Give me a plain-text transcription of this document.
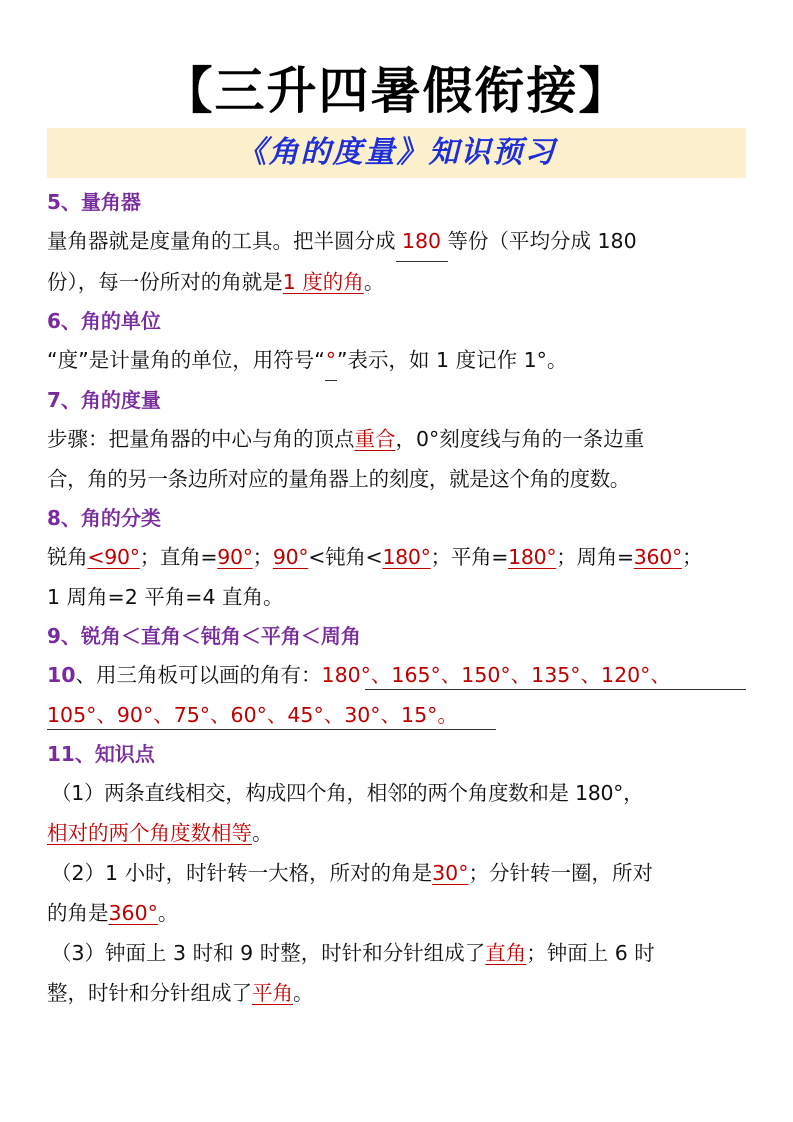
【三升四暑假衔接】
《角的度量》知识预习
5、量角器
量角器就是度量角的工具。把半圆分成 180 等份（平均分成 180
份），每一份所对的角就是1 度的角。
6、角的单位
“度”是计量角的单位，用符号“°”表示，如 1 度记作 1°。
7、角的度量
步骤：把量角器的中心与角的顶点重合，0°刻度线与角的一条边重
合，角的另一条边所对应的量角器上的刻度，就是这个角的度数。
8、角的分类
锐角<90°；直角=90°；90°<钝角<180°；平角=180°；周角=360°；
1 周角=2 平角=4 直角。
9、锐角＜直角＜钝角＜平角＜周角
10、用三角板可以画的角有：180°、165°、150°、135°、120°、
105°、90°、75°、60°、45°、30°、15°。
11、知识点
（1）两条直线相交，构成四个角，相邻的两个角度数和是 180°，
相对的两个角度数相等。
（2）1 小时，时针转一大格，所对的角是30°；分针转一圈，所对
的角是360°。
（3）钟面上 3 时和 9 时整，时针和分针组成了直角；钟面上 6 时
整，时针和分针组成了平角。
